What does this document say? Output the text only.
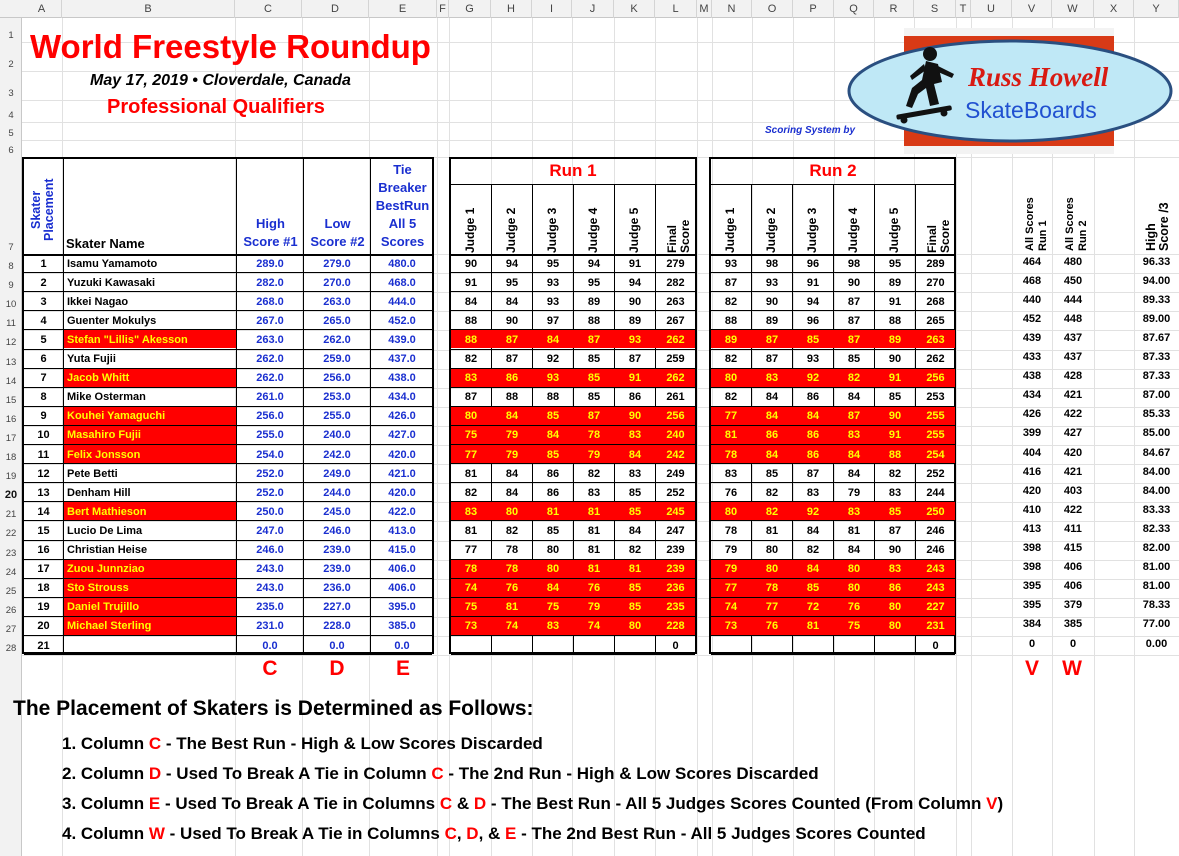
A	B	C	D	E	F	G	H	I	J	K	L	M	N	O	P	Q	R	S	T	U	V	W	X	Y
1
2
3
4
5
6
7
8
9
10
11
12
13
14
15
16
17
18
19
20
21
22
23
24
25
26
27
28
World Freestyle Roundup
May 17, 2019 • Cloverdale, Canada
Professional Qualifiers
Scoring System by
Russ Howell
SkateBoards
Skater Placement
Skater Name
High
Score #1
Low
Score #2
Tie
Breaker
BestRun
All 5
Scores
1	Isamu Yamamoto	289.0	279.0	480.0
2	Yuzuki Kawasaki	282.0	270.0	468.0
3	Ikkei Nagao	268.0	263.0	444.0
4	Guenter Mokulys	267.0	265.0	452.0
5	Stefan "Lillis" Akesson	263.0	262.0	439.0
6	Yuta Fujii	262.0	259.0	437.0
7	Jacob Whitt	262.0	256.0	438.0
8	Mike Osterman	261.0	253.0	434.0
9	Kouhei Yamaguchi	256.0	255.0	426.0
10	Masahiro Fujii	255.0	240.0	427.0
11	Felix Jonsson	254.0	242.0	420.0
12	Pete Betti	252.0	249.0	421.0
13	Denham Hill	252.0	244.0	420.0
14	Bert Mathieson	250.0	245.0	422.0
15	Lucio De Lima	247.0	246.0	413.0
16	Christian Heise	246.0	239.0	415.0
17	Zuou Junnziao	243.0	239.0	406.0
18	Sto Strouss	243.0	236.0	406.0
19	Daniel Trujillo	235.0	227.0	395.0
20	Michael Sterling	231.0	228.0	385.0
21	0.0	0.0	0.0
Run 1
Judge 1 Judge 2 Judge 3 Judge 4 Judge 5 Final Score
90	94	95	94	91	279
91	95	93	95	94	282
84	84	93	89	90	263
88	90	97	88	89	267
88	87	84	87	93	262
82	87	92	85	87	259
83	86	93	85	91	262
87	88	88	85	86	261
80	84	85	87	90	256
75	79	84	78	83	240
77	79	85	79	84	242
81	84	86	82	83	249
82	84	86	83	85	252
83	80	81	81	85	245
81	82	85	81	84	247
77	78	80	81	82	239
78	78	80	81	81	239
74	76	84	76	85	236
75	81	75	79	85	235
73	74	83	74	80	228
0
Run 2
Judge 1 Judge 2 Judge 3 Judge 4 Judge 5 Final Score
93	98	96	98	95	289
87	93	91	90	89	270
82	90	94	87	91	268
88	89	96	87	88	265
89	87	85	87	89	263
82	87	93	85	90	262
80	83	92	82	91	256
82	84	86	84	85	253
77	84	84	87	90	255
81	86	86	83	91	255
78	84	86	84	88	254
83	85	87	84	82	252
76	82	83	79	83	244
80	82	92	83	85	250
78	81	84	81	87	246
79	80	82	84	90	246
79	80	84	80	83	243
77	78	85	80	86	243
74	77	72	76	80	227
73	76	81	75	80	231
0
All Scores Run 1 All Scores Run 2	High Score /3
464	480	96.33
468	450	94.00
440	444	89.33
452	448	89.00
439	437	87.67
433	437	87.33
438	428	87.33
434	421	87.00
426	422	85.33
399	427	85.00
404	420	84.67
416	421	84.00
420	403	84.00
410	422	83.33
413	411	82.33
398	415	82.00
398	406	81.00
395	406	81.00
395	379	78.33
384	385	77.00
0	0	0.00
C	D	E	V	W
The Placement of Skaters is Determined as Follows:
1. Column C - The Best Run - High & Low Scores Discarded
2. Column D - Used To Break A Tie in Column C - The 2nd Run - High & Low Scores Discarded
3. Column E - Used To Break A Tie in Columns C & D - The Best Run - All 5 Judges Scores Counted (From Column V)
4. Column W - Used To Break A Tie in Columns C, D, & E - The 2nd Best Run - All 5 Judges Scores Counted
